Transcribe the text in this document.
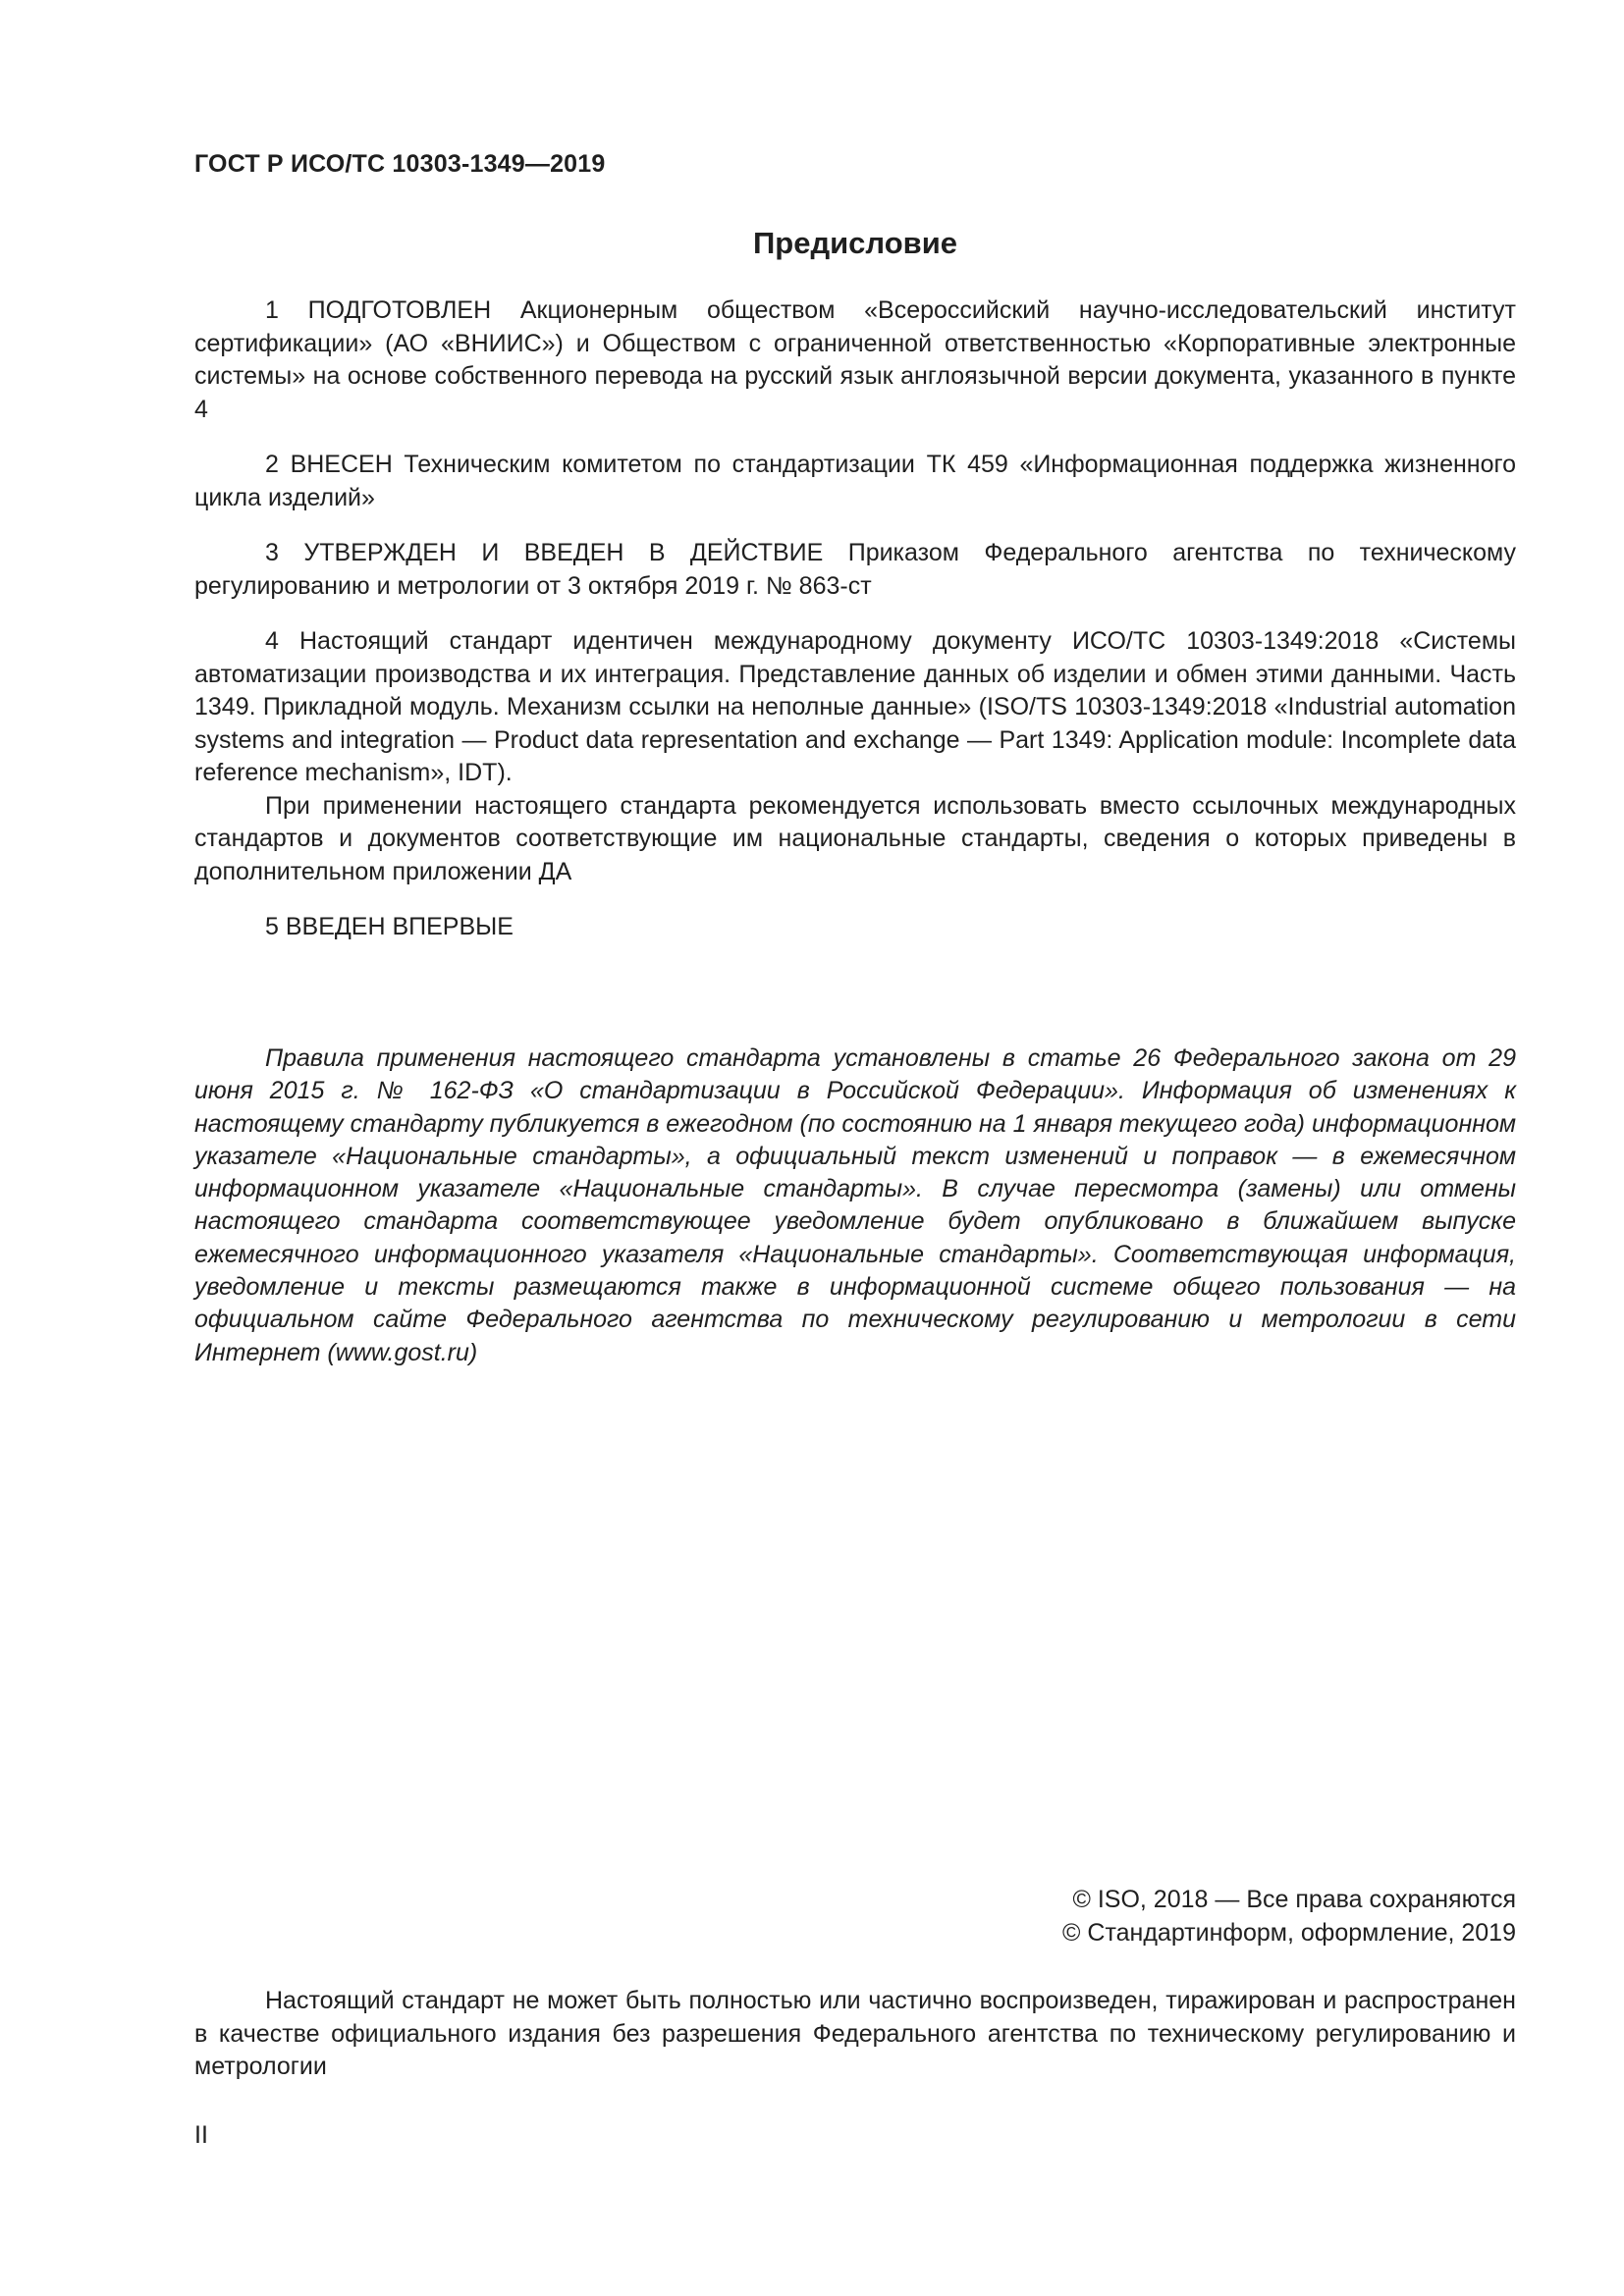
ГОСТ Р ИСО/ТС 10303-1349—2019
Предисловие

1 ПОДГОТОВЛЕН Акционерным обществом «Всероссийский научно-исследовательский институт сертификации» (АО «ВНИИС») и Обществом с ограниченной ответственностью «Корпоративные электронные системы» на основе собственного перевода на русский язык англоязычной версии документа, указанного в пункте 4

2 ВНЕСЕН Техническим комитетом по стандартизации ТК 459 «Информационная поддержка жизненного цикла изделий»

3 УТВЕРЖДЕН И ВВЕДЕН В ДЕЙСТВИЕ Приказом Федерального агентства по техническому регулированию и метрологии от 3 октября 2019 г. № 863-ст

4 Настоящий стандарт идентичен международному документу ИСО/ТС 10303-1349:2018 «Системы автоматизации производства и их интеграция. Представление данных об изделии и обмен этими данными. Часть 1349. Прикладной модуль. Механизм ссылки на неполные данные» (ISO/TS 10303-1349:2018 «Industrial automation systems and integration — Product data representation and exchange — Part 1349: Application module: Incomplete data reference mechanism», IDT).

При применении настоящего стандарта рекомендуется использовать вместо ссылочных международных стандартов и документов соответствующие им национальные стандарты, сведения о которых приведены в дополнительном приложении ДА

5 ВВЕДЕН ВПЕРВЫЕ

Правила применения настоящего стандарта установлены в статье 26 Федерального закона от 29 июня 2015 г. № 162-ФЗ «О стандартизации в Российской Федерации». Информация об изменениях к настоящему стандарту публикуется в ежегодном (по состоянию на 1 января текущего года) информационном указателе «Национальные стандарты», а официальный текст изменений и поправок — в ежемесячном информационном указателе «Национальные стандарты». В случае пересмотра (замены) или отмены настоящего стандарта соответствующее уведомление будет опубликовано в ближайшем выпуске ежемесячного информационного указателя «Национальные стандарты». Соответствующая информация, уведомление и тексты размещаются также в информационной системе общего пользования — на официальном сайте Федерального агентства по техническому регулированию и метрологии в сети Интернет (www.gost.ru)

© ISO, 2018 — Все права сохраняются
© Стандартинформ, оформление, 2019

Настоящий стандарт не может быть полностью или частично воспроизведен, тиражирован и распространен в качестве официального издания без разрешения Федерального агентства по техническому регулированию и метрологии

II
